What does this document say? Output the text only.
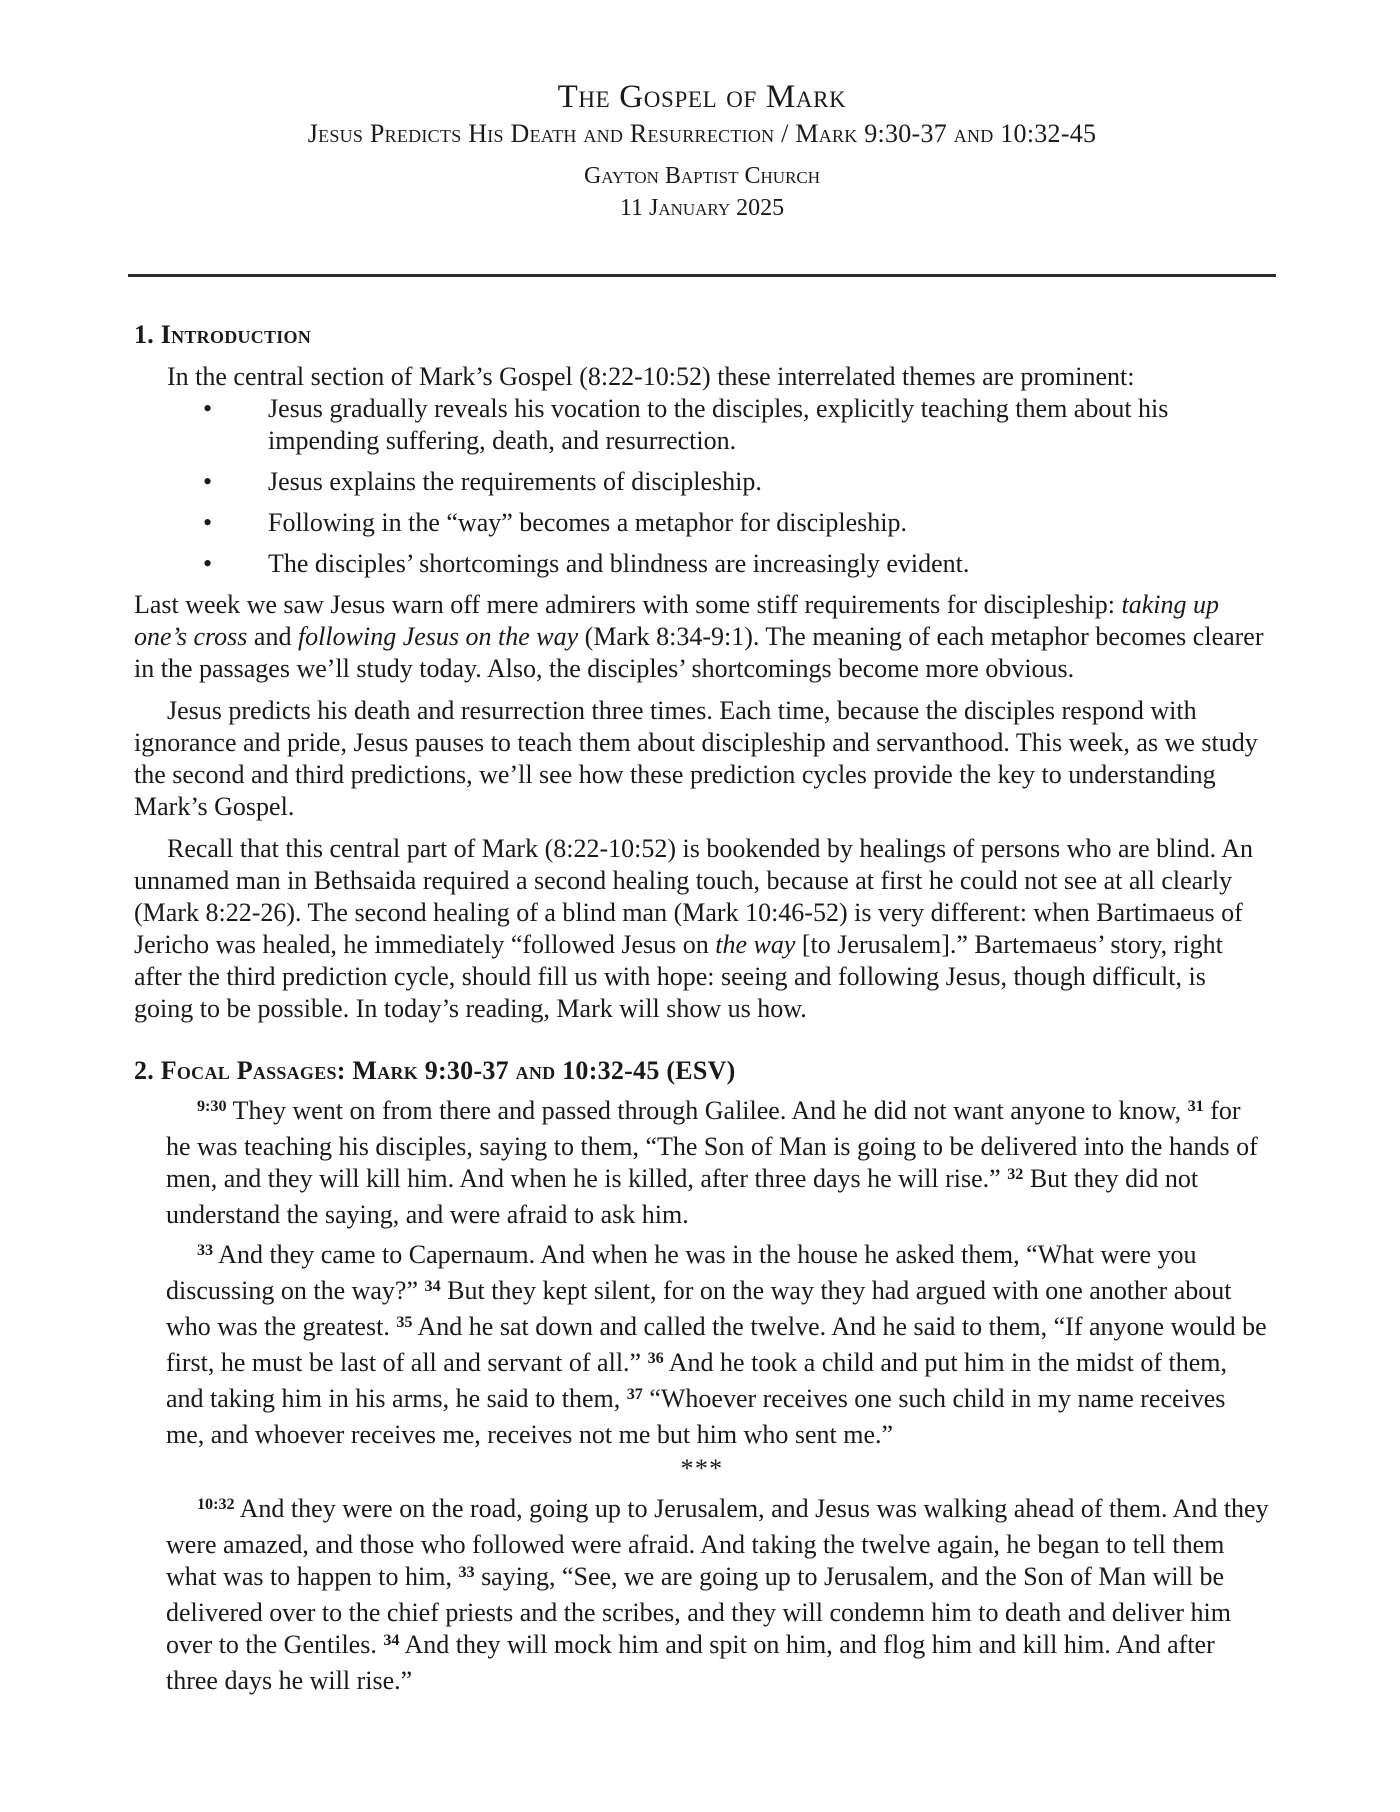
The Gospel of Mark
Jesus Predicts His Death and Resurrection / Mark 9:30-37 and 10:32-45
Gayton Baptist Church
11 January 2025
1. Introduction

In the central section of Mark’s Gospel (8:22-10:52) these interrelated themes are prominent:

• Jesus gradually reveals his vocation to the disciples, explicitly teaching them about his impending suffering, death, and resurrection.
• Jesus explains the requirements of discipleship.
• Following in the “way” becomes a metaphor for discipleship.
• The disciples’ shortcomings and blindness are increasingly evident.

Last week we saw Jesus warn off mere admirers with some stiff requirements for discipleship: taking up one’s cross and following Jesus on the way (Mark 8:34-9:1). The meaning of each metaphor becomes clearer in the passages we’ll study today. Also, the disciples’ shortcomings become more obvious.

Jesus predicts his death and resurrection three times. Each time, because the disciples respond with ignorance and pride, Jesus pauses to teach them about discipleship and servanthood. This week, as we study the second and third predictions, we’ll see how these prediction cycles provide the key to understanding Mark’s Gospel.

Recall that this central part of Mark (8:22-10:52) is bookended by healings of persons who are blind. An unnamed man in Bethsaida required a second healing touch, because at first he could not see at all clearly (Mark 8:22-26). The second healing of a blind man (Mark 10:46-52) is very different: when Bartimaeus of Jericho was healed, he immediately “followed Jesus on the way [to Jerusalem].” Bartemaeus’ story, right after the third prediction cycle, should fill us with hope: seeing and following Jesus, though difficult, is going to be possible. In today’s reading, Mark will show us how.

2. Focal Passages: Mark 9:30-37 and 10:32-45 (ESV)

$^{9:30}$ They went on from there and passed through Galilee. And he did not want anyone to know, $^{31}$ for he was teaching his disciples, saying to them, “The Son of Man is going to be delivered into the hands of men, and they will kill him. And when he is killed, after three days he will rise.” $^{32}$ But they did not understand the saying, and were afraid to ask him.

$^{33}$ And they came to Capernaum. And when he was in the house he asked them, “What were you discussing on the way?” $^{34}$ But they kept silent, for on the way they had argued with one another about who was the greatest. $^{35}$ And he sat down and called the twelve. And he said to them, “If anyone would be first, he must be last of all and servant of all.” $^{36}$ And he took a child and put him in the midst of them, and taking him in his arms, he said to them, $^{37}$ “Whoever receives one such child in my name receives me, and whoever receives me, receives not me but him who sent me.”

***

$^{10:32}$ And they were on the road, going up to Jerusalem, and Jesus was walking ahead of them. And they were amazed, and those who followed were afraid. And taking the twelve again, he began to tell them what was to happen to him, $^{33}$ saying, “See, we are going up to Jerusalem, and the Son of Man will be delivered over to the chief priests and the scribes, and they will condemn him to death and deliver him over to the Gentiles. $^{34}$ And they will mock him and spit on him, and flog him and kill him. And after three days he will rise.”
